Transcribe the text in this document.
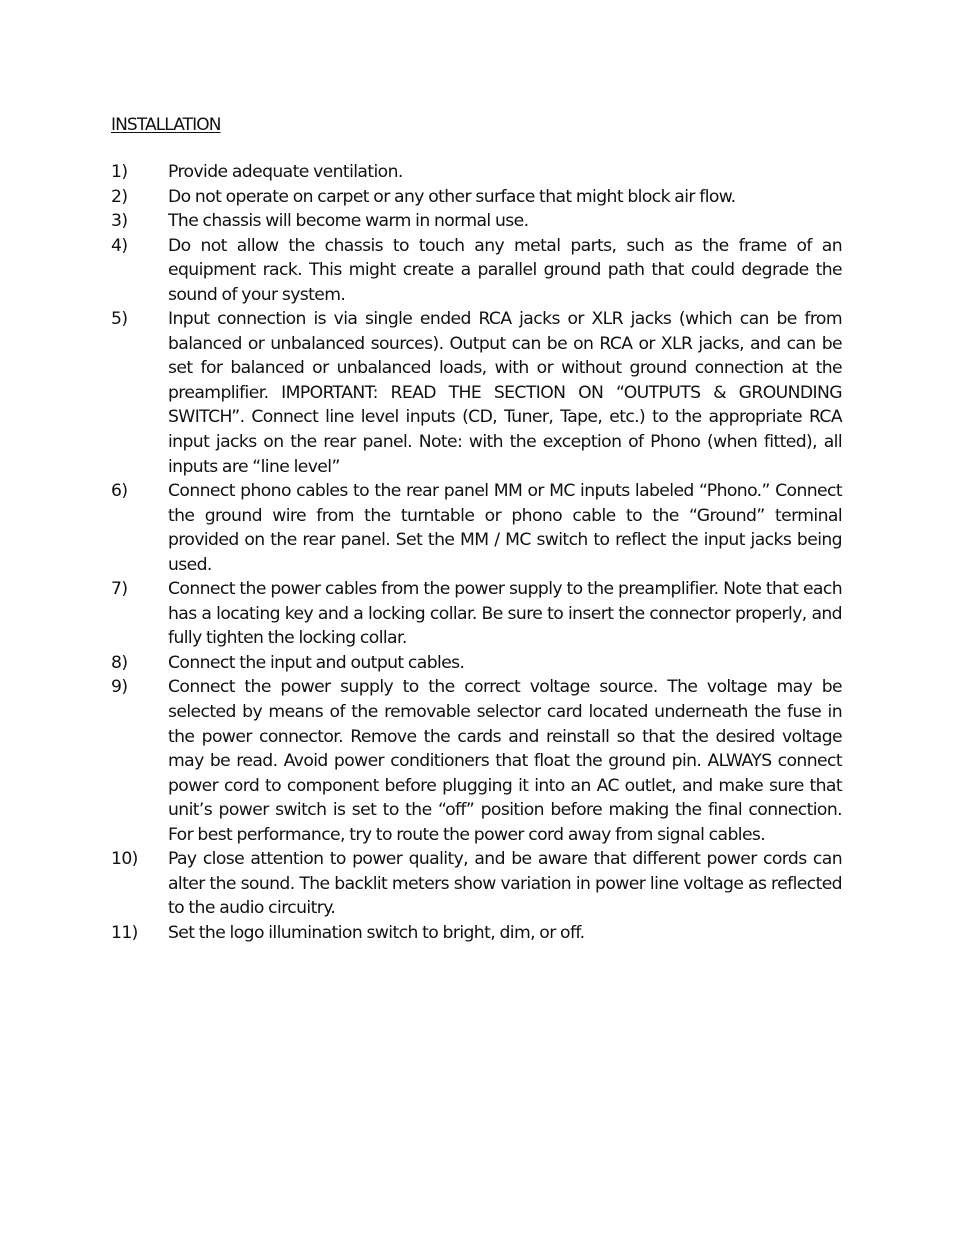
INSTALLATION
1)	Provide adequate ventilation.
2)	Do not operate on carpet or any other surface that might block air flow.
3)	The chassis will become warm in normal use.
4)	Do not allow the chassis to touch any metal parts, such as the frame of an equipment rack. This might create a parallel ground path that could degrade the sound of your system.
5)	Input connection is via single ended RCA jacks or XLR jacks (which can be from balanced or unbalanced sources). Output can be on RCA or XLR jacks, and can be set for balanced or unbalanced loads, with or without ground connection at the preamplifier. IMPORTANT: READ THE SECTION ON “OUTPUTS & GROUNDING SWITCH”. Connect line level inputs (CD, Tuner, Tape, etc.) to the appropriate RCA input jacks on the rear panel. Note: with the exception of Phono (when fitted), all inputs are “line level”
6)	Connect phono cables to the rear panel MM or MC inputs labeled “Phono.” Connect the ground wire from the turntable or phono cable to the “Ground” terminal provided on the rear panel. Set the MM / MC switch to reflect the input jacks being used.
7)	Connect the power cables from the power supply to the preamplifier. Note that each has a locating key and a locking collar. Be sure to insert the connector properly, and fully tighten the locking collar.
8)	Connect the input and output cables.
9)	Connect the power supply to the correct voltage source. The voltage may be selected by means of the removable selector card located underneath the fuse in the power connector. Remove the cards and reinstall so that the desired voltage may be read. Avoid power conditioners that float the ground pin. ALWAYS connect power cord to component before plugging it into an AC outlet, and make sure that unit’s power switch is set to the “off” position before making the final connection. For best performance, try to route the power cord away from signal cables.
10)	Pay close attention to power quality, and be aware that different power cords can alter the sound. The backlit meters show variation in power line voltage as reflected to the audio circuitry.
11)	Set the logo illumination switch to bright, dim, or off.
